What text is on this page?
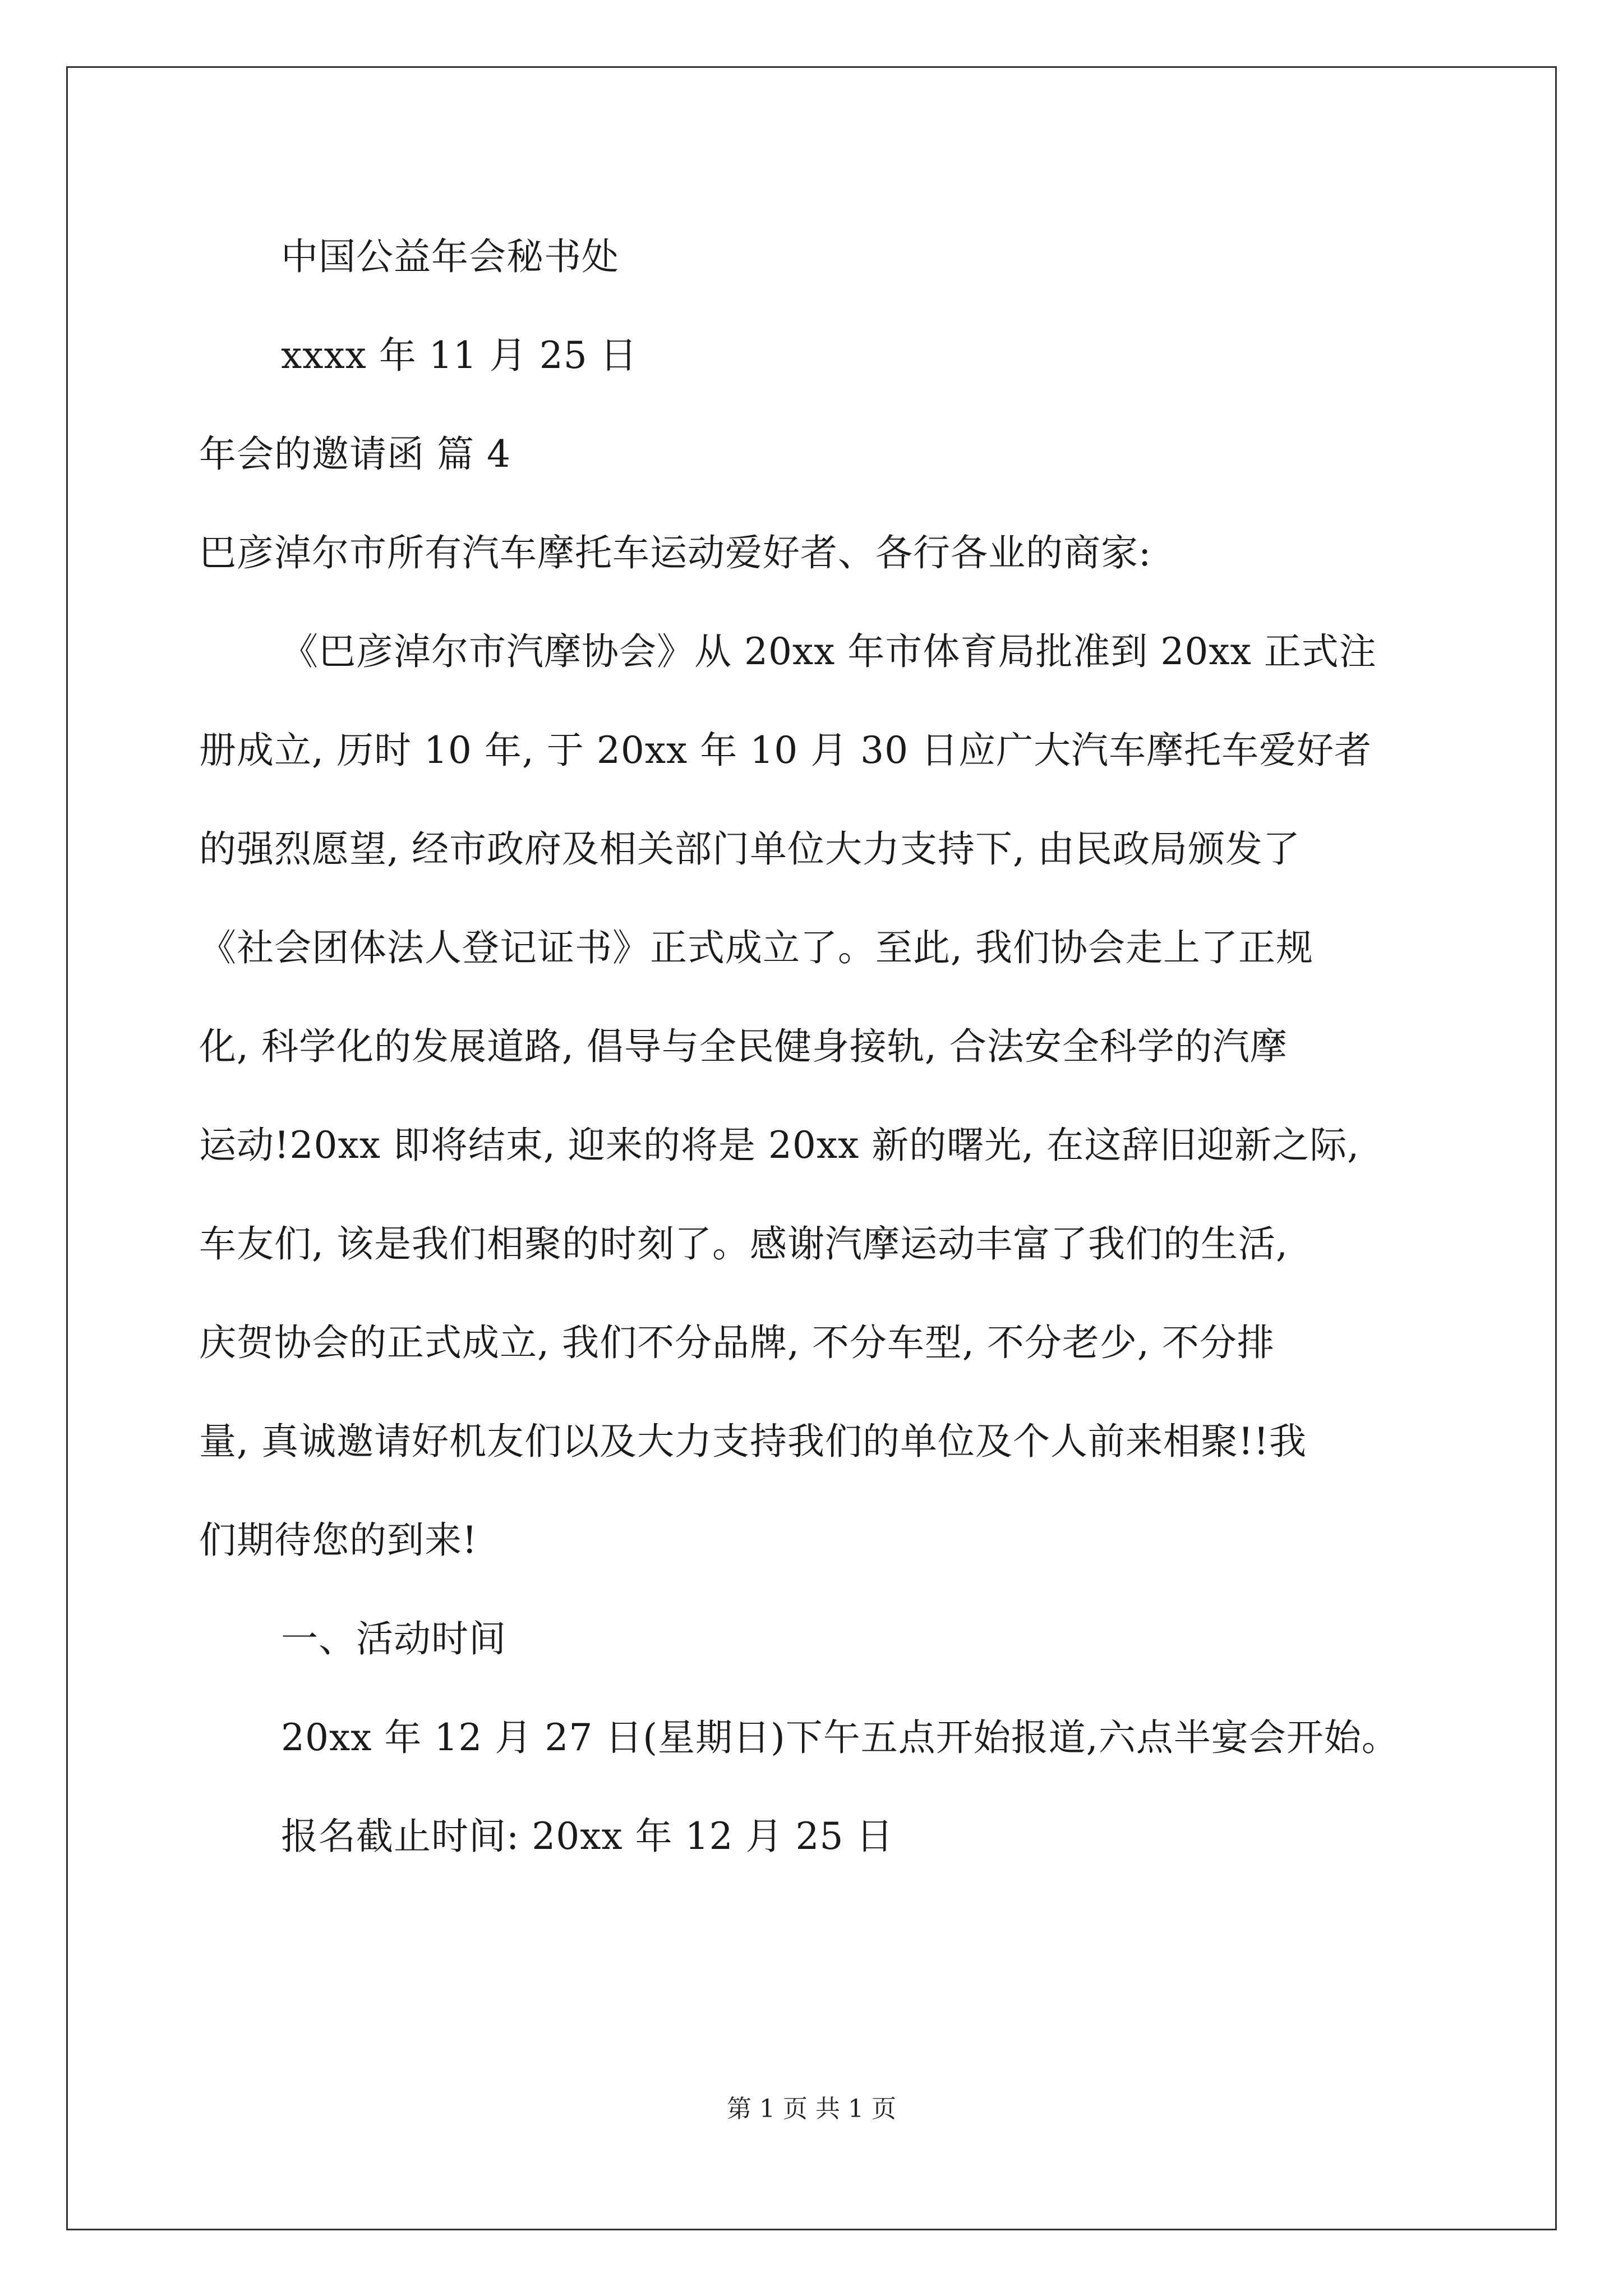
中国公益年会秘书处
xxxx 年 11 月 25 日
年会的邀请函 篇 4
巴彦淖尔市所有汽车摩托车运动爱好者、各行各业的商家:
《巴彦淖尔市汽摩协会》从 20xx 年市体育局批准到 20xx 正式注
册成立, 历时 10 年, 于 20xx 年 10 月 30 日应广大汽车摩托车爱好者
的强烈愿望, 经市政府及相关部门单位大力支持下, 由民政局颁发了
《社会团体法人登记证书》正式成立了。至此, 我们协会走上了正规
化, 科学化的发展道路, 倡导与全民健身接轨, 合法安全科学的汽摩
运动!20xx 即将结束, 迎来的将是 20xx 新的曙光, 在这辞旧迎新之际,
车友们, 该是我们相聚的时刻了。感谢汽摩运动丰富了我们的生活,
庆贺协会的正式成立, 我们不分品牌, 不分车型, 不分老少, 不分排
量, 真诚邀请好机友们以及大力支持我们的单位及个人前来相聚!!我
们期待您的到来!
一、活动时间
20xx 年 12 月 27 日(星期日)下午五点开始报道,六点半宴会开始。
报名截止时间: 20xx 年 12 月 25 日
第 1 页 共 1 页
